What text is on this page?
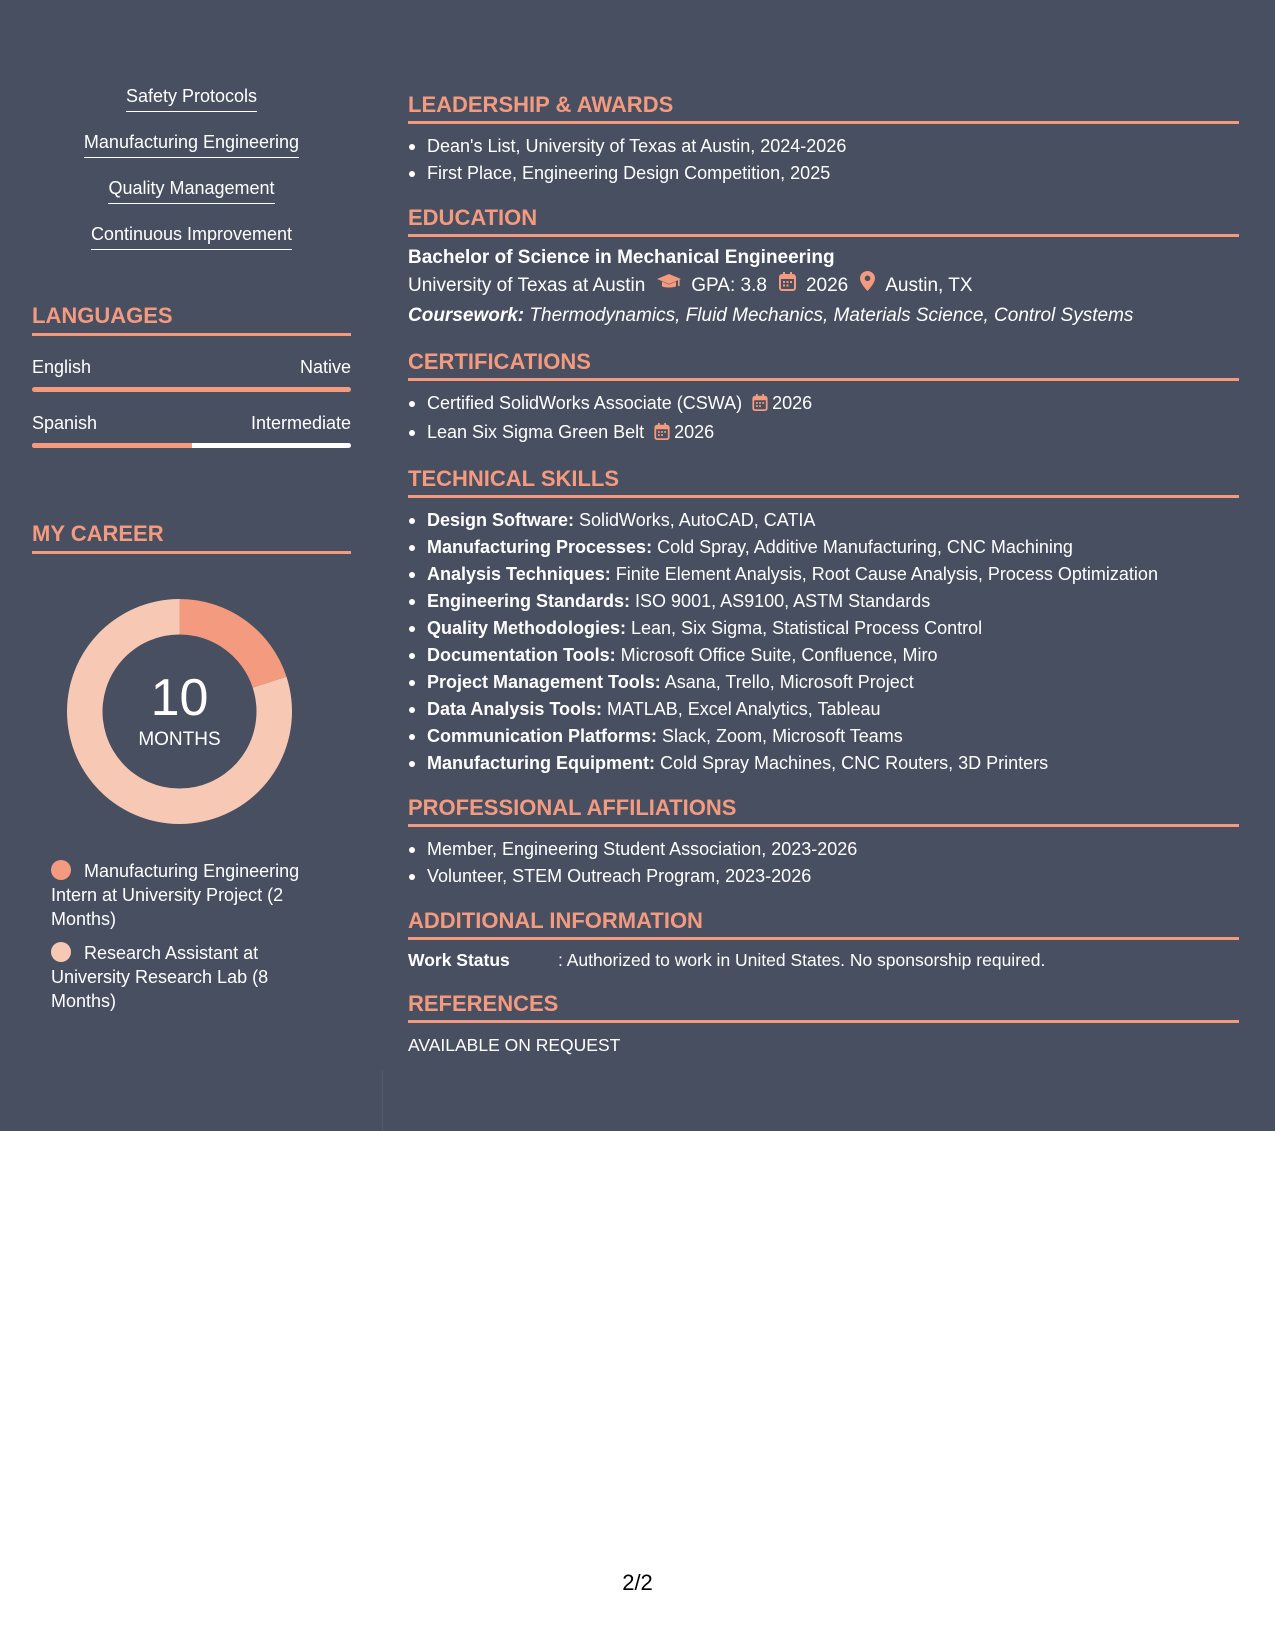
Safety Protocols
Manufacturing Engineering
Quality Management
Continuous Improvement
LANGUAGES
English	Native
Spanish	Intermediate
MY CAREER
10
MONTHS
Manufacturing Engineering Intern at University Project (2 Months)
Research Assistant at University Research Lab (8 Months)
LEADERSHIP & AWARDS
Dean's List, University of Texas at Austin, 2024-2026
First Place, Engineering Design Competition, 2025
EDUCATION
Bachelor of Science in Mechanical Engineering
University of Texas at Austin GPA: 3.8 2026 Austin, TX
Coursework: Thermodynamics, Fluid Mechanics, Materials Science, Control Systems
CERTIFICATIONS
Certified SolidWorks Associate (CSWA) 2026
Lean Six Sigma Green Belt 2026
TECHNICAL SKILLS
Design Software: SolidWorks, AutoCAD, CATIA
Manufacturing Processes: Cold Spray, Additive Manufacturing, CNC Machining
Analysis Techniques: Finite Element Analysis, Root Cause Analysis, Process Optimization
Engineering Standards: ISO 9001, AS9100, ASTM Standards
Quality Methodologies: Lean, Six Sigma, Statistical Process Control
Documentation Tools: Microsoft Office Suite, Confluence, Miro
Project Management Tools: Asana, Trello, Microsoft Project
Data Analysis Tools: MATLAB, Excel Analytics, Tableau
Communication Platforms: Slack, Zoom, Microsoft Teams
Manufacturing Equipment: Cold Spray Machines, CNC Routers, 3D Printers
PROFESSIONAL AFFILIATIONS
Member, Engineering Student Association, 2023-2026
Volunteer, STEM Outreach Program, 2023-2026
ADDITIONAL INFORMATION
Work Status	: Authorized to work in United States. No sponsorship required.
REFERENCES
AVAILABLE ON REQUEST
2/2
